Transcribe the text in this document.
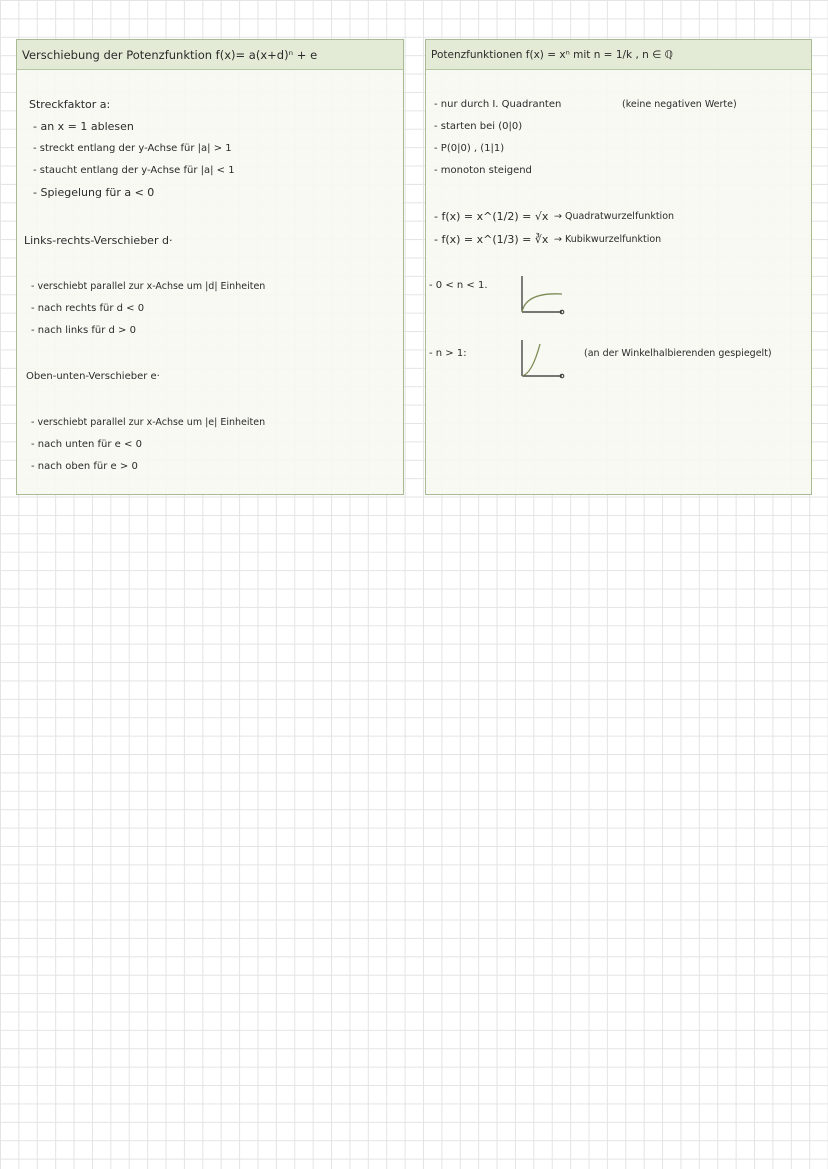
Verschiebung der Potenzfunktion f(x)= a(x+d)ⁿ + e
Streckfaktor a:
- an x = 1 ablesen
- streckt entlang der y-Achse für |a| > 1
- staucht entlang der y-Achse für |a| < 1
- Spiegelung für a < 0
Links-rechts-Verschieber d·
- verschiebt parallel zur x-Achse um |d| Einheiten
- nach rechts für d < 0
- nach links für d > 0
Oben-unten-Verschieber e·
- verschiebt parallel zur x-Achse um |e| Einheiten
- nach unten für e < 0
- nach oben für e > 0
Potenzfunktionen f(x) = xⁿ mit n = 1/k , n ∈ ℚ
- nur durch I. Quadranten	(keine negativen Werte)
- starten bei (0|0)
- P(0|0) , (1|1)
- monoton steigend
- f(x) = x^(1/2) = √x → Quadratwurzelfunktion
- f(x) = x^(1/3) = ∛x → Kubikwurzelfunktion
- 0 < n < 1.
- n > 1:	(an der Winkelhalbierenden gespiegelt)
